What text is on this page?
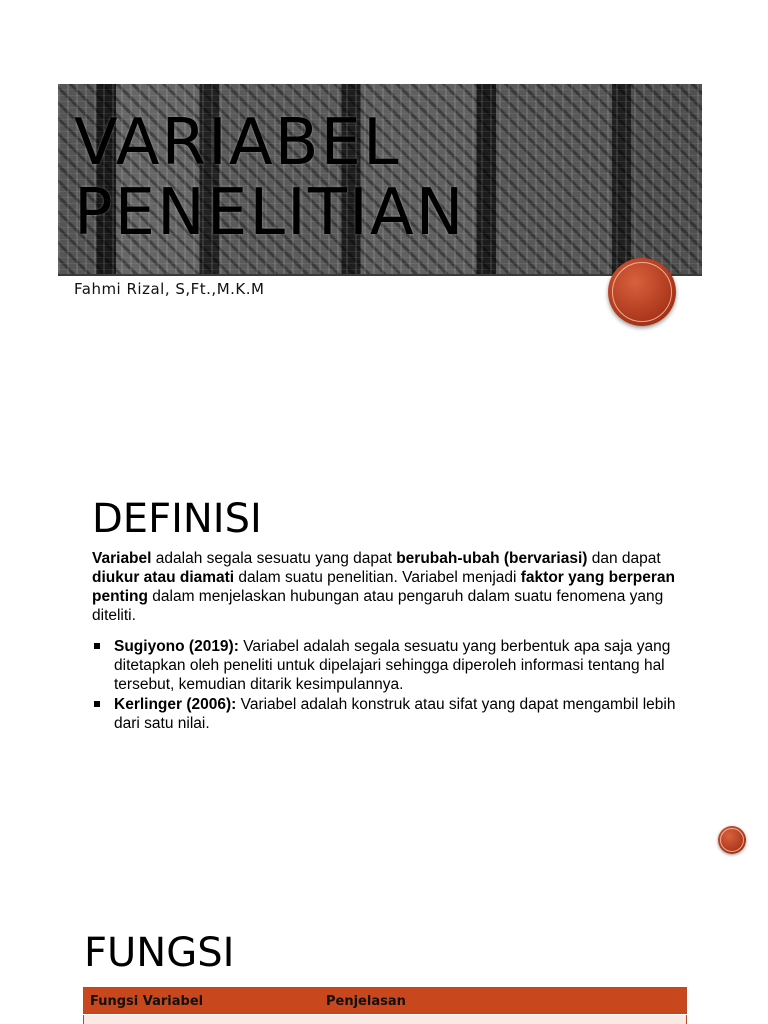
VARIABEL
PENELITIAN

Fahmi Rizal, S,Ft.,M.K.M

DEFINISI

Variabel adalah segala sesuatu yang dapat berubah-ubah (bervariasi) dan dapat diukur atau diamati dalam suatu penelitian. Variabel menjadi faktor yang berperan penting dalam menjelaskan hubungan atau pengaruh dalam suatu fenomena yang diteliti.

Sugiyono (2019): Variabel adalah segala sesuatu yang berbentuk apa saja yang ditetapkan oleh peneliti untuk dipelajari sehingga diperoleh informasi tentang hal tersebut, kemudian ditarik kesimpulannya.
Kerlinger (2006): Variabel adalah konstruk atau sifat yang dapat mengambil lebih dari satu nilai.
FUNGSI
Fungsi Variabel	Penjelasan
